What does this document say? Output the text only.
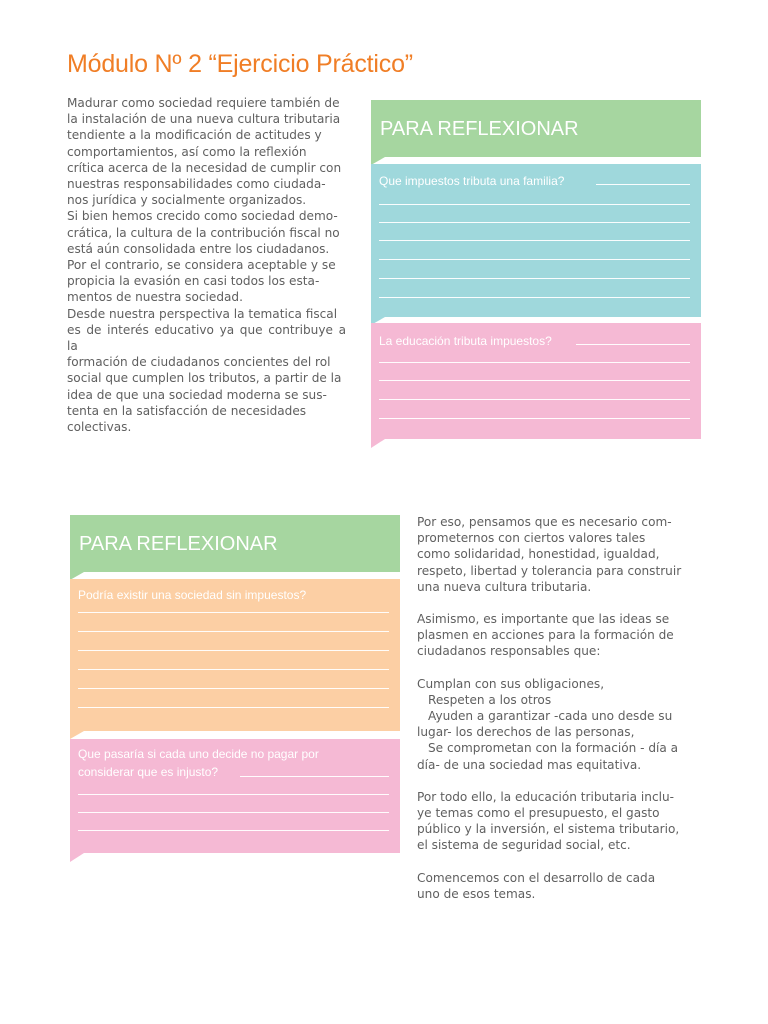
Módulo Nº 2 “Ejercicio Práctico”

Madurar como sociedad requiere también de

la instalación de una nueva cultura tributaria

tendiente a la modificación de actitudes y

comportamientos, así como la reflexión

crítica acerca de la necesidad de cumplir con

nuestras responsabilidades como ciudada-

nos jurídica y socialmente organizados.

Si bien hemos crecido como sociedad demo-

crática, la cultura de la contribución fiscal no

está aún consolidada entre los ciudadanos.

Por el contrario, se considera aceptable y se

propicia la evasión en casi todos los esta-

mentos de nuestra sociedad.

Desde nuestra perspectiva la tematica fiscal

es de interés educativo ya que contribuye a la

formación de ciudadanos concientes del rol

social que cumplen los tributos, a partir de la

idea de que una sociedad moderna se sus-

tenta en la satisfacción de necesidades

colectivas.

PARA REFLEXIONAR
Que impuestos tributa una familia?
La educación tributa impuestos?
PARA REFLEXIONAR
Podría existir una sociedad sin impuestos?
Que pasaría si cada uno decide no pagar por
considerar que es injusto?

Por eso, pensamos que es necesario com-

prometernos con ciertos valores tales

como solidaridad, honestidad, igualdad,

respeto, libertad y tolerancia para construir

una nueva cultura tributaria.

Asimismo, es importante que las ideas se

plasmen en acciones para la formación de

ciudadanos responsables que:

Cumplan con sus obligaciones,

Respeten a los otros

Ayuden a garantizar -cada uno desde su

lugar- los derechos de las personas,

Se comprometan con la formación - día a

día- de una sociedad mas equitativa.

Por todo ello, la educación tributaria inclu-

ye temas como el presupuesto, el gasto

público y la inversión, el sistema tributario,

el sistema de seguridad social, etc.

Comencemos con el desarrollo de cada

uno de esos temas.
